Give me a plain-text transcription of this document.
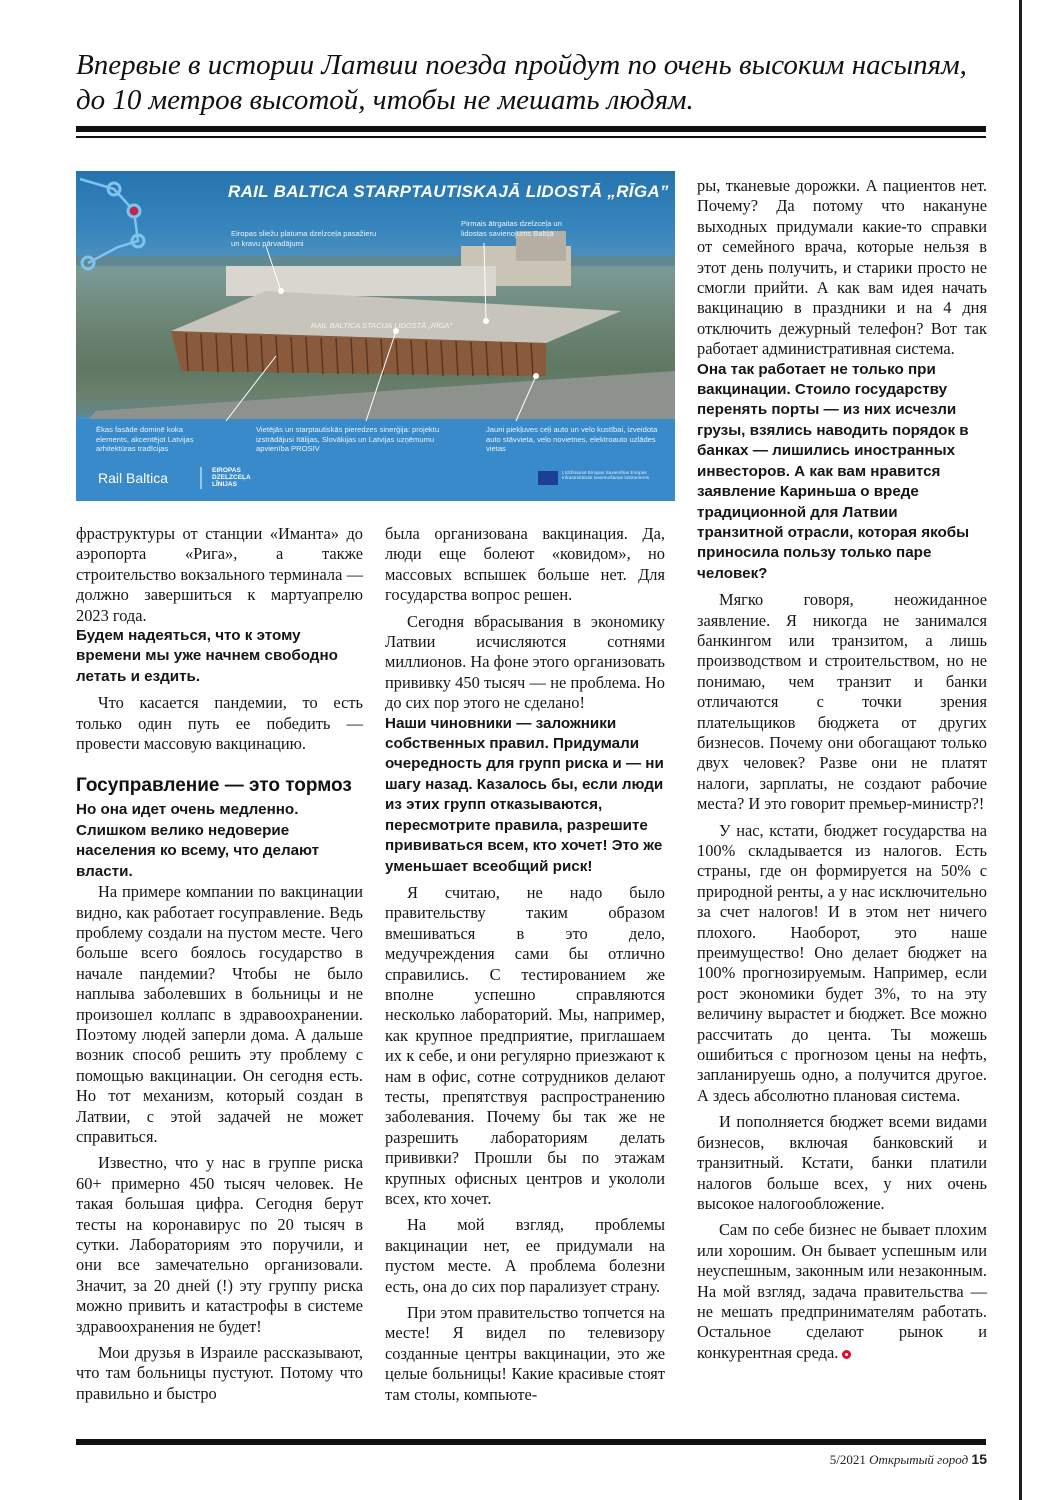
Впервые в истории Латвии поезда пройдут по очень высоким насыпям, до 10 метров высотой, чтобы не мешать людям.

RAIL BALTICA STARPTAUTISKAJĀ LIDOSTĀ „RĪGA”
Eiropas sliežu platuma dzelzceļa pasažieru un kravu pārvadājumi
Pirmais ātrgaitas dzelzceļa un lidostas savienojums Baltijā
RAIL BALTICA STACIJA LIDOSTĀ „RĪGA”
Ēkas fasāde dominē koka elements, akcentējot Latvijas arhitektūras tradīcijas
Vietējās un starptautiskās pieredzes sinerģija: projektu izstrādājusi Itālijas, Slovākijas un Latvijas uzņēmumu apvienība PROSIV
Jauni piekļuves ceļi auto un velo kustībai, izveidota auto stāvvieta, velo novietnes, elektroauto uzlādes vietas
Rail Baltica	EIROPAS DZELZCEĻA LĪNIJAS
Līdzfinansē Eiropas Savienības Eiropas infrastruktūras savienošanas instruments

фраструктуры от станции «Иманта» до аэропорта «Рига», а также строительство вокзального терминала — должно завершиться к мартуапрелю 2023 года.

Будем надеяться, что к этому времени мы уже начнем свободно летать и ездить.

Что касается пандемии, то есть только один путь ее победить — провести массовую вакцинацию.

Госуправление — это тормоз

Но она идет очень медленно. Слишком велико недоверие населения ко всему, что делают власти.

На примере компании по вакцинации видно, как работает госуправление. Ведь проблему создали на пустом месте. Чего больше всего боялось государство в начале пандемии? Чтобы не было наплыва заболевших в больницы и не произошел коллапс в здравоохранении. Поэтому людей заперли дома. А дальше возник способ решить эту проблему с помощью вакцинации. Он сегодня есть. Но тот механизм, который создан в Латвии, с этой задачей не может справиться.

Известно, что у нас в группе риска 60+ примерно 450 тысяч человек. Не такая большая цифра. Сегодня берут тесты на коронавирус по 20 тысяч в сутки. Лабораториям это поручили, и они все замечательно организовали. Значит, за 20 дней (!) эту группу риска можно привить и катастрофы в системе здравоохранения не будет!

Мои друзья в Израиле рассказывают, что там больницы пустуют. Потому что правильно и быстро

была организована вакцинация. Да, люди еще болеют «ковидом», но массовых вспышек больше нет. Для государства вопрос решен.

Сегодня вбрасывания в экономику Латвии исчисляются сотнями миллионов. На фоне этого организовать прививку 450 тысяч — не проблема. Но до сих пор этого не сделано!

Наши чиновники — заложники собственных правил. Придумали очередность для групп риска и — ни шагу назад. Казалось бы, если люди из этих групп отказываются, пересмотрите правила, разрешите прививаться всем, кто хочет! Это же уменьшает всеобщий риск!

Я считаю, не надо было правительству таким образом вмешиваться в это дело, медучреждения сами бы отлично справились. С тестированием же вполне успешно справляются несколько лабораторий. Мы, например, как крупное предприятие, приглашаем их к себе, и они регулярно приезжают к нам в офис, сотне сотрудников делают тесты, препятствуя распространению заболевания. Почему бы так же не разрешить лабораториям делать прививки? Прошли бы по этажам крупных офисных центров и укололи всех, кто хочет.

На мой взгляд, проблемы вакцинации нет, ее придумали на пустом месте. А проблема болезни есть, она до сих пор парализует страну.

При этом правительство топчется на месте! Я видел по телевизору созданные центры вакцинации, это же целые больницы! Какие красивые стоят там столы, компьюте-

ры, тканевые дорожки. А пациентов нет. Почему? Да потому что накануне выходных придумали какие-то справки от семейного врача, которые нельзя в этот день получить, и старики просто не смогли прийти. А как вам идея начать вакцинацию в праздники и на 4 дня отключить дежурный телефон? Вот так работает административная система.

Она так работает не только при вакцинации. Стоило государству перенять порты — из них исчезли грузы, взялись наводить порядок в банках — лишились иностранных инвесторов. А как вам нравится заявление Кариньша о вреде традиционной для Латвии транзитной отрасли, которая якобы приносила пользу только паре человек?

Мягко говоря, неожиданное заявление. Я никогда не занимался банкингом или транзитом, а лишь производством и строительством, но не понимаю, чем транзит и банки отличаются с точки зрения плательщиков бюджета от других бизнесов. Почему они обогащают только двух человек? Разве они не платят налоги, зарплаты, не создают рабочие места? И это говорит премьер-министр?!

У нас, кстати, бюджет государства на 100% складывается из налогов. Есть страны, где он формируется на 50% с природной ренты, а у нас исключительно за счет налогов! И в этом нет ничего плохого. Наоборот, это наше преимущество! Оно делает бюджет на 100% прогнозируемым. Например, если рост экономики будет 3%, то на эту величину вырастет и бюджет. Все можно рассчитать до цента. Ты можешь ошибиться с прогнозом цены на нефть, запланируешь одно, а получится другое. А здесь абсолютно плановая система.

И пополняется бюджет всеми видами бизнесов, включая банковский и транзитный. Кстати, банки платили налогов больше всех, у них очень высокое налогообложение.

Сам по себе бизнес не бывает плохим или хорошим. Он бывает успешным или неуспешным, законным или незаконным. На мой взгляд, задача правительства — не мешать предпринимателям работать. Остальное сделают рынок и конкурентная среда.

5/2021 Открытый город 15
